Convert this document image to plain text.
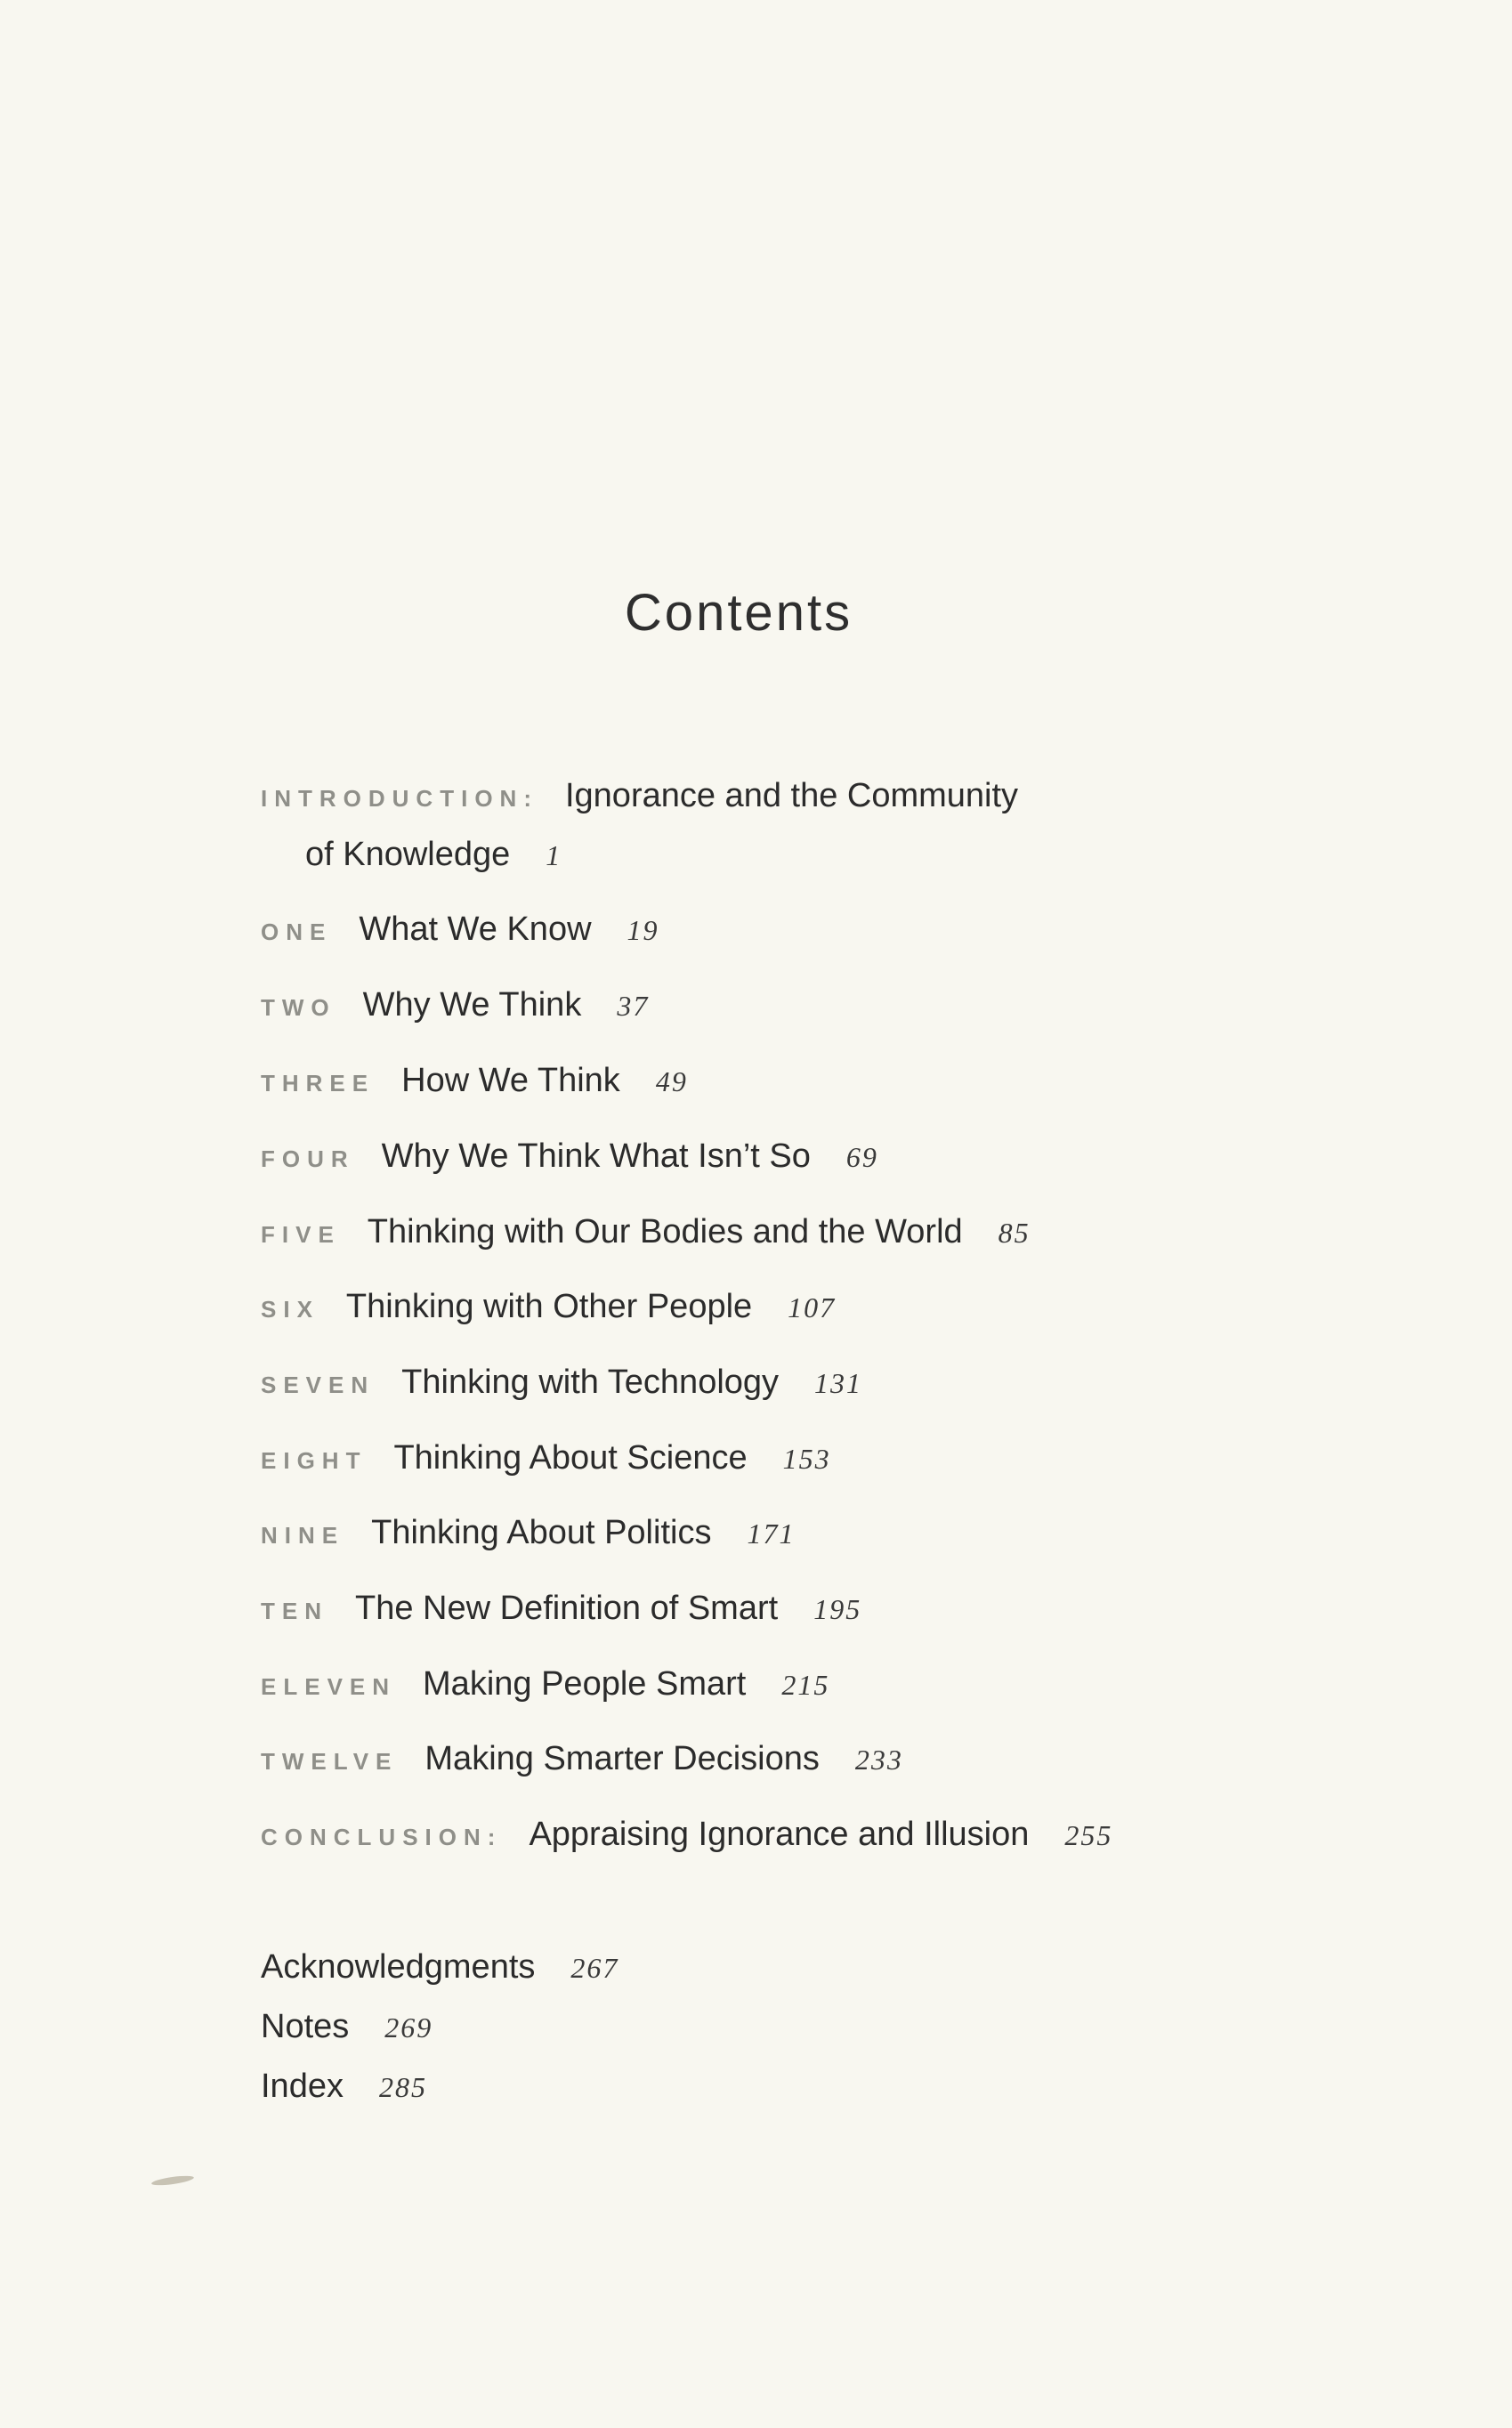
Contents
INTRODUCTION: Ignorance and the Community
of Knowledge 1
ONE What We Know 19
TWO Why We Think 37
THREE How We Think 49
FOUR Why We Think What Isn’t So 69
FIVE Thinking with Our Bodies and the World 85
SIX Thinking with Other People 107
SEVEN Thinking with Technology 131
EIGHT Thinking About Science 153
NINE Thinking About Politics 171
TEN The New Definition of Smart 195
ELEVEN Making People Smart 215
TWELVE Making Smarter Decisions 233
CONCLUSION: Appraising Ignorance and Illusion 255
Acknowledgments 267
Notes 269
Index 285
